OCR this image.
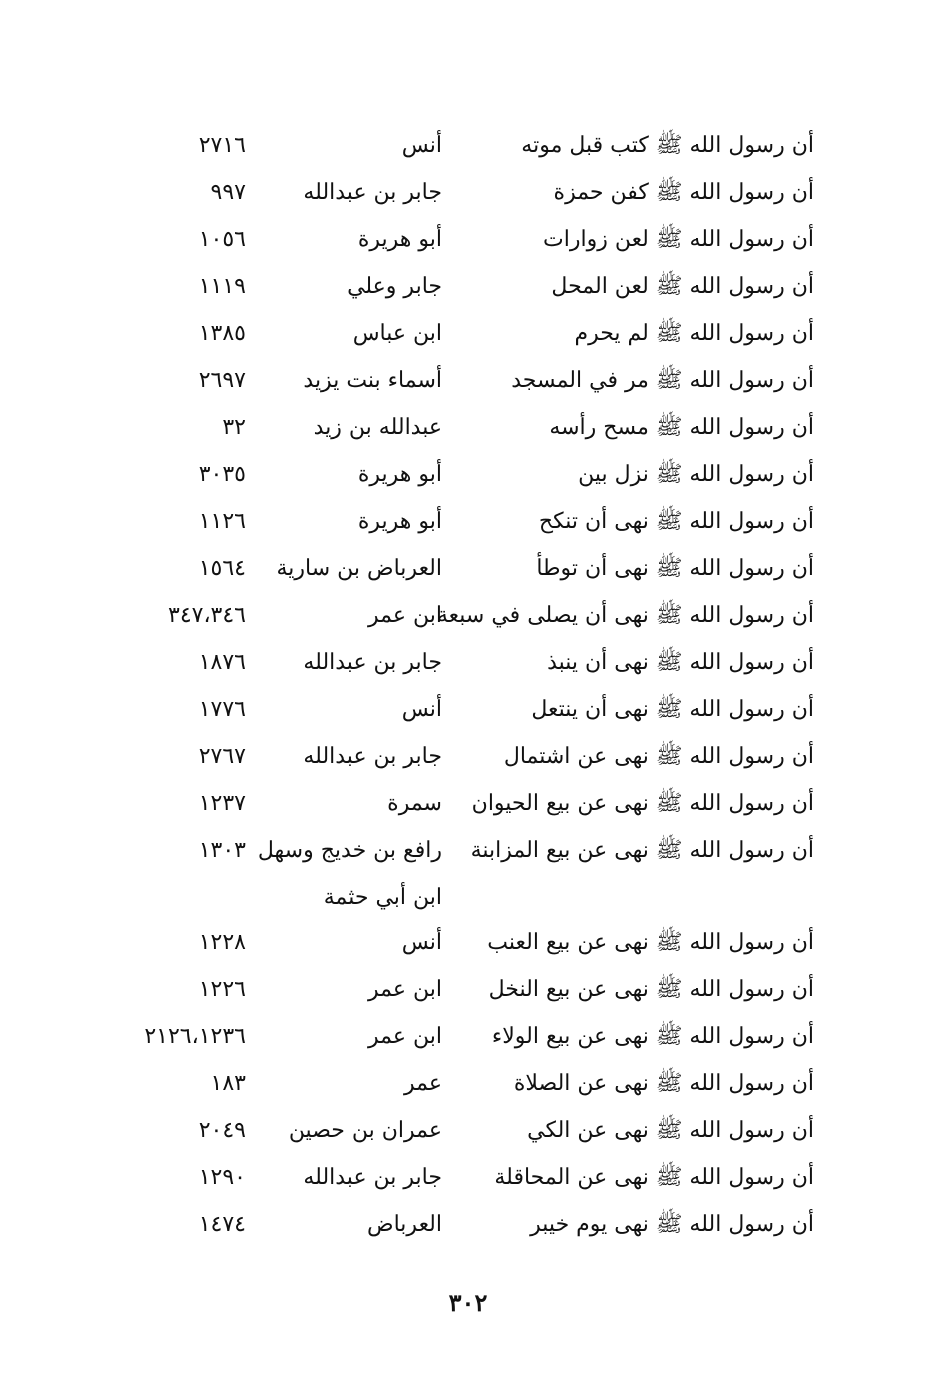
أن رسول الله ﷺ كتب قبل موته
أنس
٢٧١٦
أن رسول الله ﷺ كفن حمزة
جابر بن عبدالله
٩٩٧
أن رسول الله ﷺ لعن زوارات
أبو هريرة
١٠٥٦
أن رسول الله ﷺ لعن المحل
جابر وعلي
١١١٩
أن رسول الله ﷺ لم يحرم
ابن عباس
١٣٨٥
أن رسول الله ﷺ مر في المسجد
أسماء بنت يزيد
٢٦٩٧
أن رسول الله ﷺ مسح رأسه
عبدالله بن زيد
٣٢
أن رسول الله ﷺ نزل بين
أبو هريرة
٣٠٣٥
أن رسول الله ﷺ نهى أن تنكح
أبو هريرة
١١٢٦
أن رسول الله ﷺ نهى أن توطأ
العرباض بن سارية
١٥٦٤
أن رسول الله ﷺ نهى أن يصلى في سبعة
ابن عمر
٣٤٧،٣٤٦
أن رسول الله ﷺ نهى أن ينبذ
جابر بن عبدالله
١٨٧٦
أن رسول الله ﷺ نهى أن ينتعل
أنس
١٧٧٦
أن رسول الله ﷺ نهى عن اشتمال
جابر بن عبدالله
٢٧٦٧
أن رسول الله ﷺ نهى عن بيع الحيوان
سمرة
١٢٣٧
أن رسول الله ﷺ نهى عن بيع المزابنة
رافع بن خديج وسهل
١٣٠٣
ابن أبي حثمة
أن رسول الله ﷺ نهى عن بيع العنب
أنس
١٢٢٨
أن رسول الله ﷺ نهى عن بيع النخل
ابن عمر
١٢٢٦
أن رسول الله ﷺ نهى عن بيع الولاء
ابن عمر
٢١٢٦،١٢٣٦
أن رسول الله ﷺ نهى عن الصلاة
عمر
١٨٣
أن رسول الله ﷺ نهى عن الكي
عمران بن حصين
٢٠٤٩
أن رسول الله ﷺ نهى عن المحاقلة
جابر بن عبدالله
١٢٩٠
أن رسول الله ﷺ نهى يوم خيبر
العرباض
١٤٧٤
٣٠٢
